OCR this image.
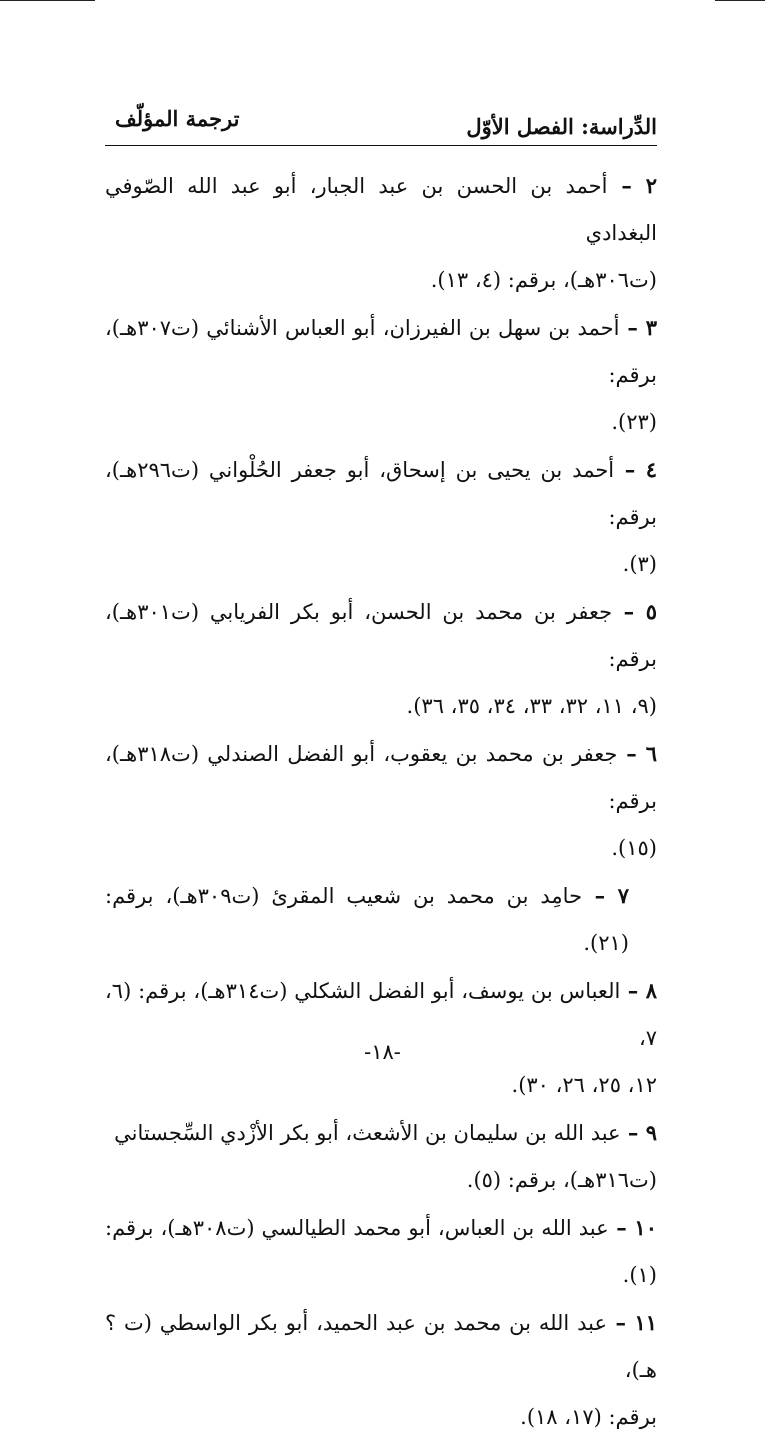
الدِّراسة: الفصل الأوّل
ترجمة المؤلّف
٢ – أحمد بن الحسن بن عبد الجبار، أبو عبد الله الصّوفي البغدادي
(ت٣٠٦هـ)، برقم: (٤، ١٣).
٣ – أحمد بن سهل بن الفيرزان، أبو العباس الأشنائي (ت٣٠٧هـ)، برقم:
(٢٣).
٤ – أحمد بن يحيى بن إسحاق، أبو جعفر الحُلْواني (ت٢٩٦هـ)، برقم:
(٣).
٥ – جعفر بن محمد بن الحسن، أبو بكر الفريابي (ت٣٠١هـ)، برقم:
(٩، ١١، ٣٢، ٣٣، ٣٤، ٣٥، ٣٦).
٦ – جعفر بن محمد بن يعقوب، أبو الفضل الصندلي (ت٣١٨هـ)، برقم:
(١٥).
٧ – حامِد بن محمد بن شعيب المقرئ (ت٣٠٩هـ)، برقم: (٢١).
٨ – العباس بن يوسف، أبو الفضل الشكلي (ت٣١٤هـ)، برقم: (٦، ٧،
١٢، ٢٥، ٢٦، ٣٠).
٩ – عبد الله بن سليمان بن الأشعث، أبو بكر الأزْدي السِّجستاني
(ت٣١٦هـ)، برقم: (٥).
١٠ – عبد الله بن العباس، أبو محمد الطيالسي (ت٣٠٨هـ)، برقم: (١).
١١ – عبد الله بن محمد بن عبد الحميد، أبو بكر الواسطي (ت ؟هـ)،
برقم: (١٧، ١٨).
-١٨-
